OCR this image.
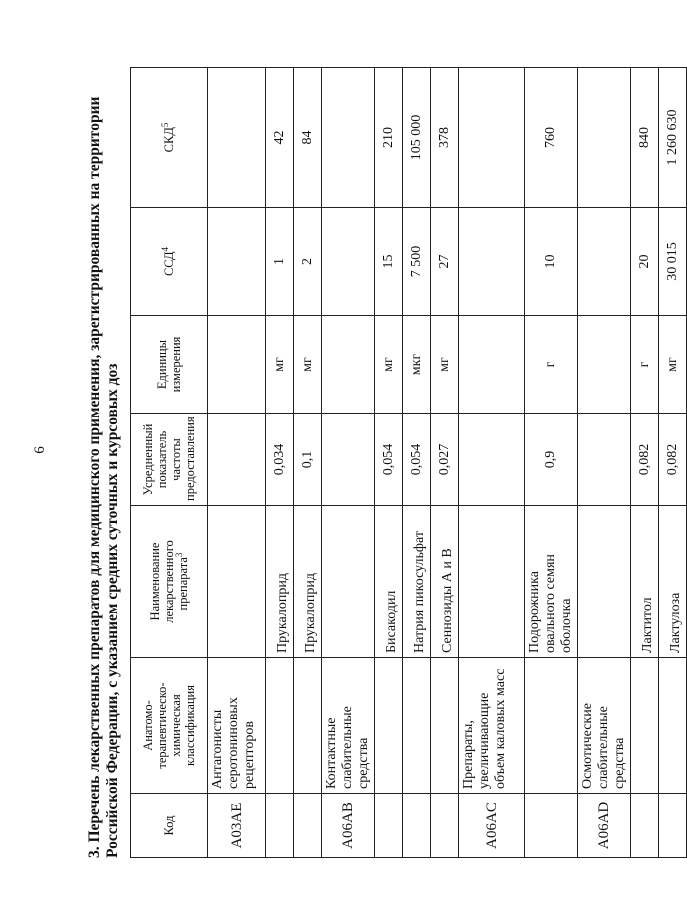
6 3. Перечень лекарственных препаратов для медицинского применения, зарегистрированных на территории Российской Федерации, с указанием средних суточных и курсовых доз	Код	Анатомо-терапевтическо-химическая классификация	Наименование лекарственного препарата$^3$	Усредненный показатель частоты предоставления	Единицы измерения	ССД$^4$	СКД$^5$
A03AE	Антагонисты серотониновых рецепторов					
		Прукалоприд	0,034	мг	1	42
		Прукалоприд	0,1	мг	2	84
A06AB	Контактные слабительные средства					
		Бисакодил	0,054	мг	15	210
		Натрия пикосульфат	0,054	мкг	7 500	105 000
		Сеннозиды А и В	0,027	мг	27	378
A06AC	Препараты, увеличивающие объем каловых масс					
		Подорожника овального семян оболочка	0,9	г	10	760
A06AD	Осмотические слабительные средства					
		Лактитол	0,082	г	20	840
		Лактулоза	0,082	мг	30 015	1 260 630
